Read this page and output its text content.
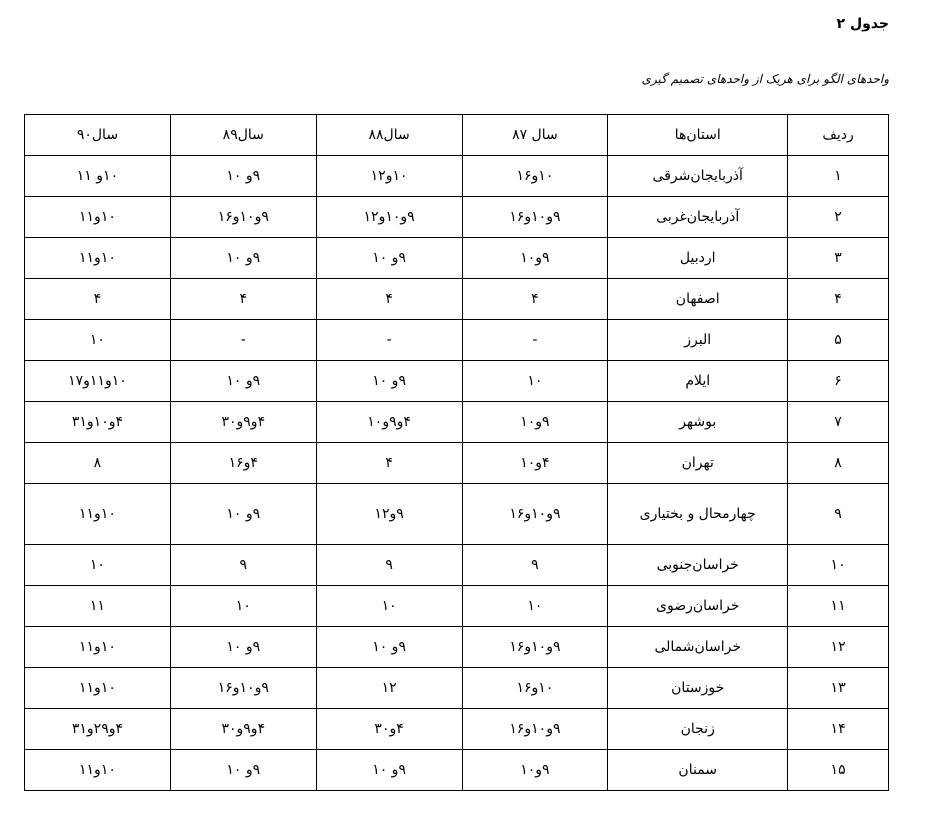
جدول ۲
واحدهای الگو برای هریک از واحدهای تصمیم گیری
ردیف	استان‌ها	سال ۸۷	سال۸۸	سال۸۹	سال۹۰
۱	آذربایجان‌شرقی	۱۰و۱۶	۱۰و۱۲	۹و ۱۰	۱۰و ۱۱
۲	آذربایجان‌غربی	۹و۱۰و۱۶	۹و۱۰و۱۲	۹و۱۰و۱۶	۱۰و۱۱
۳	اردبیل	۹و۱۰	۹و ۱۰	۹و ۱۰	۱۰و۱۱
۴	اصفهان	۴	۴	۴	۴
۵	البرز	-	-	-	۱۰
۶	ایلام	۱۰	۹و ۱۰	۹و ۱۰	۱۰و۱۱و۱۷
۷	بوشهر	۹و۱۰	۴و۹و۱۰	۴و۹و۳۰	۴و۱۰و۳۱
۸	تهران	۴و۱۰	۴	۴و۱۶	۸
۹	چهارمحال و بختیاری	۹و۱۰و۱۶	۹و۱۲	۹و ۱۰	۱۰و۱۱
۱۰	خراسان‌جنوبی	۹	۹	۹	۱۰
۱۱	خراسان‌رضوی	۱۰	۱۰	۱۰	۱۱
۱۲	خراسان‌شمالی	۹و۱۰و۱۶	۹و ۱۰	۹و ۱۰	۱۰و۱۱
۱۳	خوزستان	۱۰و۱۶	۱۲	۹و۱۰و۱۶	۱۰و۱۱
۱۴	زنجان	۹و۱۰و۱۶	۴و۳۰	۴و۹و۳۰	۴و۲۹و۳۱
۱۵	سمنان	۹و۱۰	۹و ۱۰	۹و ۱۰	۱۰و۱۱
